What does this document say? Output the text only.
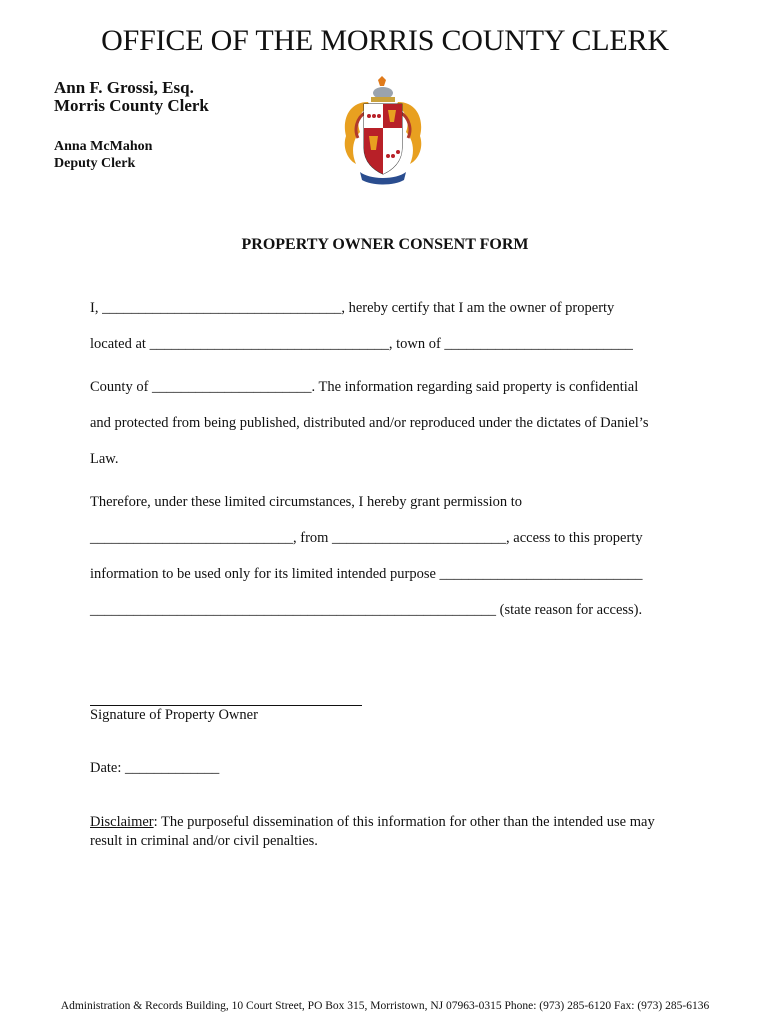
OFFICE OF THE MORRIS COUNTY CLERK
Ann F. Grossi, Esq.
Morris County Clerk
Anna McMahon
Deputy Clerk
PROPERTY OWNER CONSENT FORM
I, _________________________________, hereby certify that I am the owner of property
located at _________________________________, town of __________________________
County of ______________________. The information regarding said property is confidential
and protected from being published, distributed and/or reproduced under the dictates of Daniel’s
Law.
Therefore, under these limited circumstances, I hereby grant permission to
____________________________, from ________________________, access to this property
information to be used only for its limited intended purpose ____________________________
________________________________________________________ (state reason for access).
Signature of Property Owner
Date: _____________
Disclaimer: The purposeful dissemination of this information for other than the intended use may result in criminal and/or civil penalties.
Administration & Records Building, 10 Court Street, PO Box 315, Morristown, NJ 07963-0315 Phone: (973) 285-6120 Fax: (973) 285-6136
